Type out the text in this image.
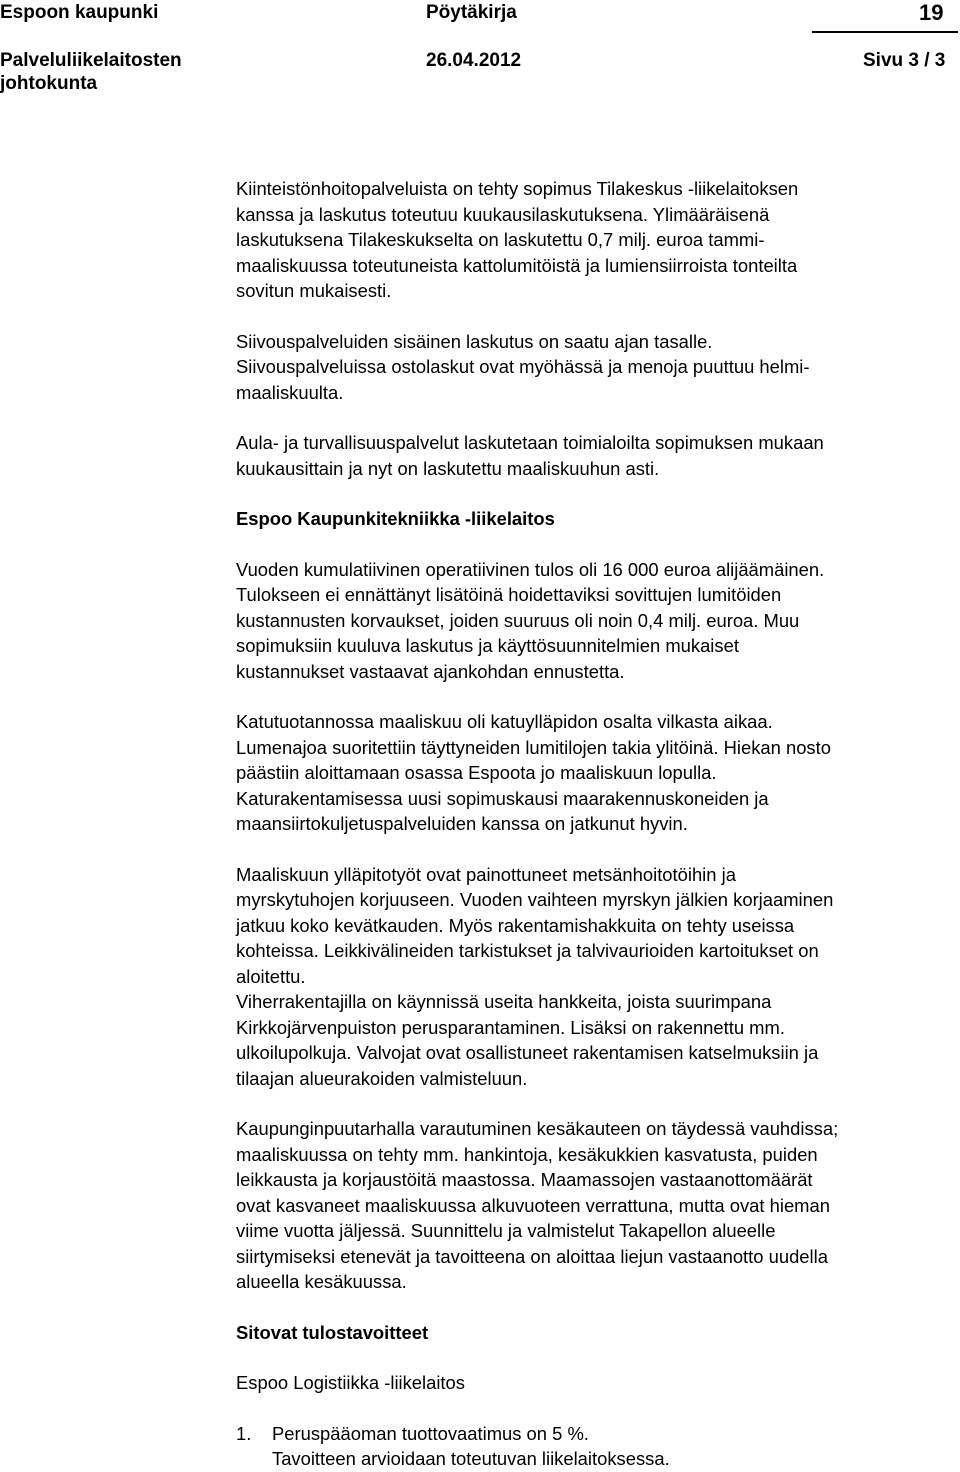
Espoon kaupunki	Pöytäkirja	19
Palveluliikelaitosten
johtokunta
26.04.2012	Sivu 3 / 3

Kiinteistönhoitopalveluista on tehty sopimus Tilakeskus -liikelaitoksen
kanssa ja laskutus toteutuu kuukausilaskutuksena. Ylimääräisenä
laskutuksena Tilakeskukselta on laskutettu 0,7 milj. euroa tammi-
maaliskuussa toteutuneista kattolumitöistä ja lumiensiirroista tonteilta
sovitun mukaisesti.

Siivouspalveluiden sisäinen laskutus on saatu ajan tasalle.
Siivouspalveluissa ostolaskut ovat myöhässä ja menoja puuttuu helmi-
maaliskuulta.

Aula- ja turvallisuuspalvelut laskutetaan toimialoilta sopimuksen mukaan
kuukausittain ja nyt on laskutettu maaliskuuhun asti.

Espoo Kaupunkitekniikka -liikelaitos

Vuoden kumulatiivinen operatiivinen tulos oli 16 000 euroa alijäämäinen.
Tulokseen ei ennättänyt lisätöinä hoidettaviksi sovittujen lumitöiden
kustannusten korvaukset, joiden suuruus oli noin 0,4 milj. euroa. Muu
sopimuksiin kuuluva laskutus ja käyttösuunnitelmien mukaiset
kustannukset vastaavat ajankohdan ennustetta.

Katutuotannossa maaliskuu oli katuylläpidon osalta vilkasta aikaa.
Lumenajoa suoritettiin täyttyneiden lumitilojen takia ylitöinä. Hiekan nosto
päästiin aloittamaan osassa Espoota jo maaliskuun lopulla.
Katurakentamisessa uusi sopimuskausi maarakennuskoneiden ja
maansiirtokuljetuspalveluiden kanssa on jatkunut hyvin.

Maaliskuun ylläpitotyöt ovat painottuneet metsänhoitotöihin ja
myrskytuhojen korjuuseen. Vuoden vaihteen myrskyn jälkien korjaaminen
jatkuu koko kevätkauden. Myös rakentamishakkuita on tehty useissa
kohteissa. Leikkivälineiden tarkistukset ja talvivaurioiden kartoitukset on
aloitettu.
Viherrakentajilla on käynnissä useita hankkeita, joista suurimpana
Kirkkojärvenpuiston perusparantaminen. Lisäksi on rakennettu mm.
ulkoilupolkuja. Valvojat ovat osallistuneet rakentamisen katselmuksiin ja
tilaajan alueurakoiden valmisteluun.

Kaupunginpuutarhalla varautuminen kesäkauteen on täydessä vauhdissa;
maaliskuussa on tehty mm. hankintoja, kesäkukkien kasvatusta, puiden
leikkausta ja korjaustöitä maastossa. Maamassojen vastaanottomäärät
ovat kasvaneet maaliskuussa alkuvuoteen verrattuna, mutta ovat hieman
viime vuotta jäljessä. Suunnittelu ja valmistelut Takapellon alueelle
siirtymiseksi etenevät ja tavoitteena on aloittaa liejun vastaanotto uudella
alueella kesäkuussa.

Sitovat tulostavoitteet

Espoo Logistiikka -liikelaitos

1.	Peruspääoman tuottovaatimus on 5 %.
Tavoitteen arvioidaan toteutuvan liikelaitoksessa.
